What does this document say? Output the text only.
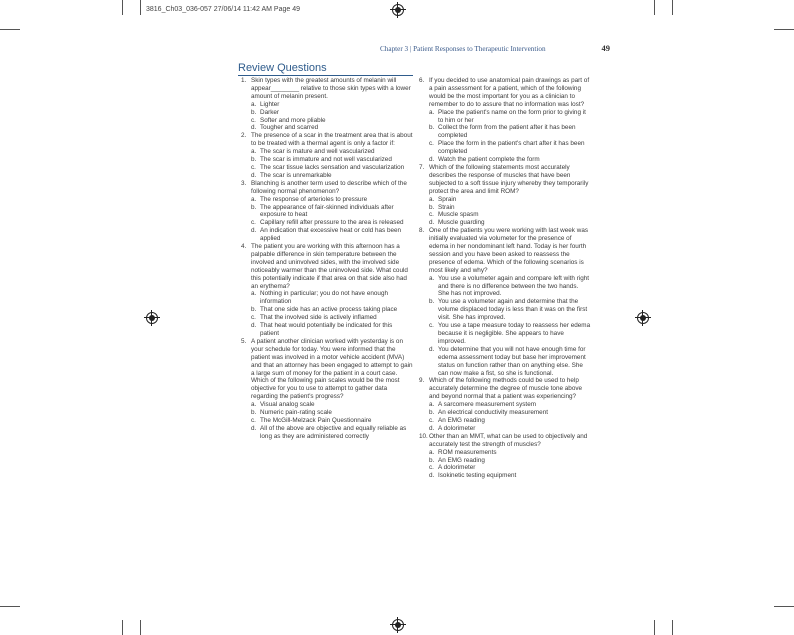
3816_Ch03_036-057 27/06/14 11:42 AM Page 49
Chapter 3 | Patient Responses to Therapeutic Intervention	49
Review Questions
1. Skin types with the greatest amounts of melanin will appear________ relative to those skin types with a lower amount of melanin present.
a. Lighter
b. Darker
c. Softer and more pliable
d. Tougher and scarred
2. The presence of a scar in the treatment area that is about to be treated with a thermal agent is only a factor if:
a. The scar is mature and well vascularized
b. The scar is immature and not well vascularized
c. The scar tissue lacks sensation and vascularization
d. The scar is unremarkable
3. Blanching is another term used to describe which of the following normal phenomenon?
a. The response of arterioles to pressure
b. The appearance of fair-skinned individuals after exposure to heat
c. Capillary refill after pressure to the area is released
d. An indication that excessive heat or cold has been applied
4. The patient you are working with this afternoon has a palpable difference in skin temperature between the involved and uninvolved sides, with the involved side noticeably warmer than the uninvolved side. What could this potentially indicate if that area on that side also had an erythema?
a. Nothing in particular; you do not have enough information
b. That one side has an active process taking place
c. That the involved side is actively inflamed
d. That heat would potentially be indicated for this patient
5. A patient another clinician worked with yesterday is on your schedule for today. You were informed that the patient was involved in a motor vehicle accident (MVA) and that an attorney has been engaged to attempt to gain a large sum of money for the patient in a court case. Which of the following pain scales would be the most objective for you to use to attempt to gather data regarding the patient's progress?
a. Visual analog scale
b. Numeric pain-rating scale
c. The McGill-Melzack Pain Questionnaire
d. All of the above are objective and equally reliable as long as they are administered correctly
6. If you decided to use anatomical pain drawings as part of a pain assessment for a patient, which of the following would be the most important for you as a clinician to remember to do to assure that no information was lost?
a. Place the patient's name on the form prior to giving it to him or her
b. Collect the form from the patient after it has been completed
c. Place the form in the patient's chart after it has been completed
d. Watch the patient complete the form
7. Which of the following statements most accurately describes the response of muscles that have been subjected to a soft tissue injury whereby they temporarily protect the area and limit ROM?
a. Sprain
b. Strain
c. Muscle spasm
d. Muscle guarding
8. One of the patients you were working with last week was initially evaluated via volumeter for the presence of edema in her nondominant left hand. Today is her fourth session and you have been asked to reassess the presence of edema. Which of the following scenarios is most likely and why?
a. You use a volumeter again and compare left with right and there is no difference between the two hands. She has not improved.
b. You use a volumeter again and determine that the volume displaced today is less than it was on the first visit. She has improved.
c. You use a tape measure today to reassess her edema because it is negligible. She appears to have improved.
d. You determine that you will not have enough time for edema assessment today but base her improvement status on function rather than on anything else. She can now make a fist, so she is functional.
9. Which of the following methods could be used to help accurately determine the degree of muscle tone above and beyond normal that a patient was experiencing?
a. A sarcomere measurement system
b. An electrical conductivity measurement
c. An EMG reading
d. A dolorimeter
10. Other than an MMT, what can be used to objectively and accurately test the strength of muscles?
a. ROM measurements
b. An EMG reading
c. A dolorimeter
d. Isokinetic testing equipment
